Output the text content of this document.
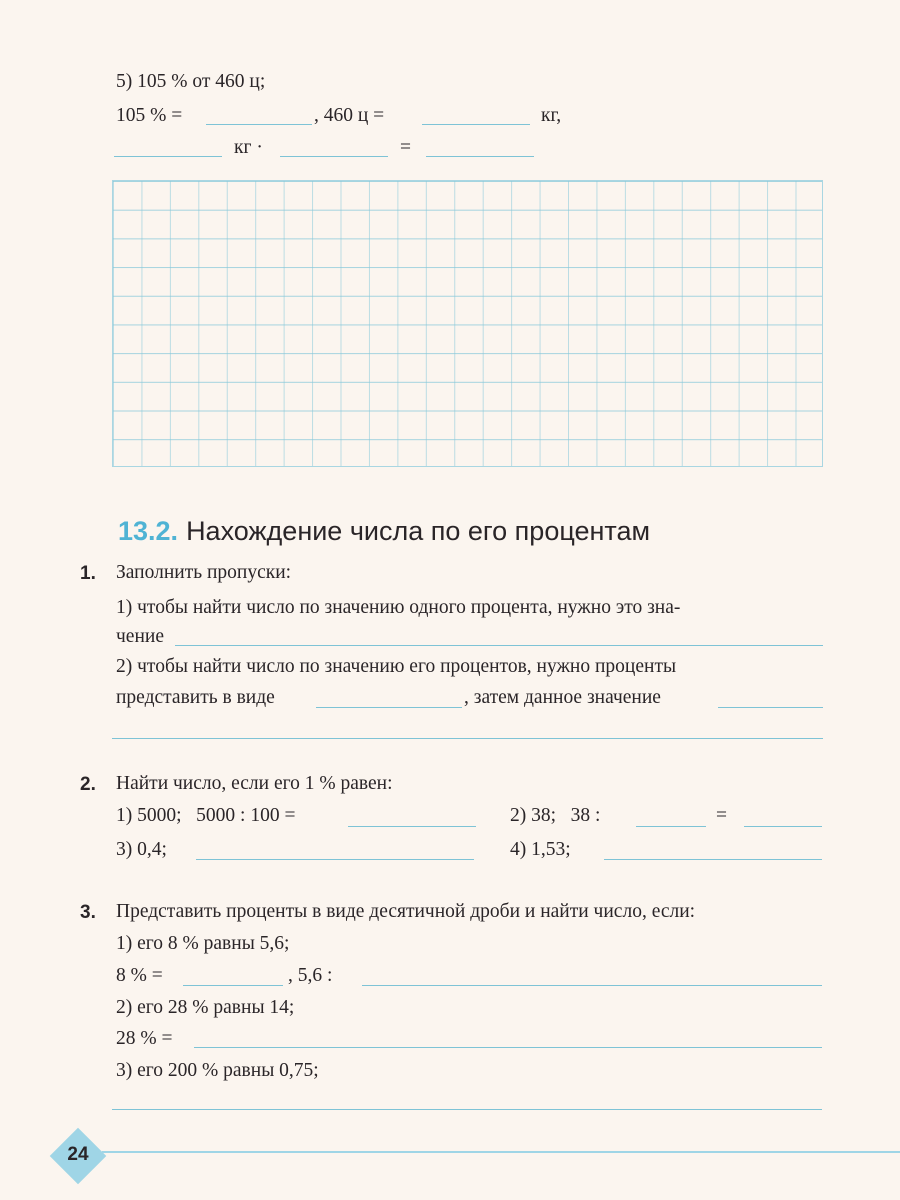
5) 105 % от 460 ц;
105 % =	, 460 ц =	кг,
кг ·	=
13.2. Нахождение числа по его процентам
1. Заполнить пропуски:
1) чтобы найти число по значению одного процента, нужно это зна-
чение
2) чтобы найти число по значению его процентов, нужно проценты
представить в виде	, затем данное значение
2. Найти число, если его 1 % равен:
1) 5000;   5000 : 100 =	2) 38;   38 :	=
3) 0,4;	4) 1,53;
3. Представить проценты в виде десятичной дроби и найти число, если:
1) его 8 % равны 5,6;
8 % =	, 5,6 :
2) его 28 % равны 14;
28 % =
3) его 200 % равны 0,75;
24
